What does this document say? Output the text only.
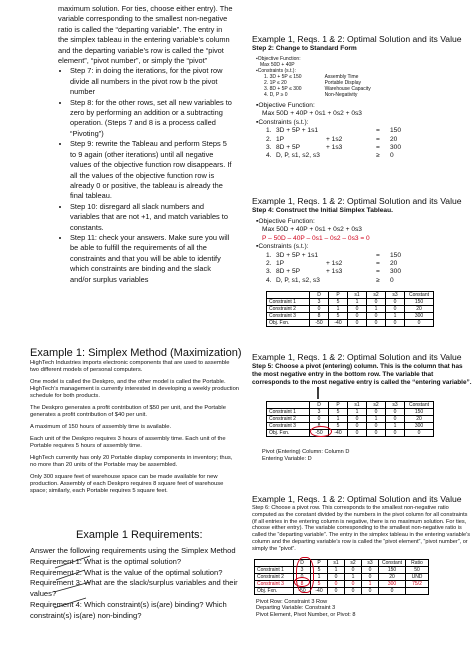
maximum solution. For ties, choose either entry). The variable corresponding to the smallest non-negative ratio is called the “departing variable”. The entry in the simplex tableau in the entering variable’s column and the departing variable’s row is called the “pivot element”, “pivot number”, or simply the “pivot”

• Step 7: in doing the iterations, for the pivot row divide all numbers in the pivot row b the pivot number
• Step 8: for the other rows, set all new variables to zero by performing an addition or a subtracting operation. (Steps 7 and 8 is a process called “Pivoting”)
• Step 9: rewrite the Tableau and perform Steps 5 to 9 again (other iterations) until all negative values of the objective function row disappears. If all the values of the objective function row is already 0 or positive, the tableau is already the final tableau.
• Step 10: disregard all slack numbers and variables that are not +1, and match variables to constants.
• Step 11: check your answers. Make sure you will be able to fulfill the requirements of all the constraints and that you will be able to identify which constraints are binding and the slack and/or surplus variables
Example 1: Simplex Method (Maximization)

HighTech Industries imports electronic components that are used to assemble two different models of personal computers.

One model is called the Deskpro, and the other model is called the Portable. HighTech’s management is currently interested in developing a weekly production schedule for both products.

The Deskpro generates a profit contribution of $50 per unit, and the Portable generates a profit contribution of $40 per unit.

A maximum of 150 hours of assembly time is available.

Each unit of the Deskpro requires 3 hours of assembly time. Each unit of the Portable requires 5 hours of assembly time.

HighTech currently has only 20 Portable display components in inventory; thus, no more than 20 units of the Portable may be assembled.

Only 300 square feet of warehouse space can be made available for new production. Assembly of each Deskpro requires 8 square feet of warehouse space; similarly, each Portable requires 5 square feet.

Example 1 Requirements:

Answer the following requirements using the Simplex Method

Requirement 1: What is the optimal solution?

Requirement 2: What is the value of the optimal solution?

Requirement 3: What are the slack/surplus variables and their values?

Requirement 4: Which constraint(s) is(are) binding? Which constraint(s) is(are) non-binding?

Example 1, Reqs. 1 & 2: Optimal Solution and its Value
Step 2: Change to Standard Form
▪Objective Function:
Max 50D + 40P
▪Constraints (s.t.):
1. 3D + 5P ≤ 150	Assembly Time
2. 1P ≤ 20	Portable Display
3. 8D + 5P ≤ 300	Warehouse Capacity
4. D, P ≥ 0	Non-Negativity
▪Objective Function:
Max 50D + 40P + 0s1 + 0s2 + 0s3
▪Constraints (s.t.):
1. 3D + 5P + 1s1	= 150
2. 1P	+ 1s2	= 20
3. 8D + 5P	+ 1s3	= 300
4. D, P, s1, s2, s3	≥ 0
Example 1, Reqs. 1 & 2: Optimal Solution and its Value
Step 4: Construct the Initial Simplex Tableau.
▪Objective Function:
Max 50D + 40P + 0s1 + 0s2 + 0s3
P – 50D – 40P – 0s1 – 0s2 – 0s3 = 0
▪Constraints (s.t.):
1. 3D + 5P + 1s1	= 150
2. 1P	+ 1s2	= 20
3. 8D + 5P	+ 1s3	= 300
4. D, P, s1, s2, s3	≥ 0
	D	P	s1	s2	s3	Constant
Constraint 1	3	5	1	0	0	150
Constraint 2	0	1	0	1	0	20
Constraint 3	8	5	0	0	1	300
Obj. Fxn.	-50	-40	0	0	0	0
Example 1, Reqs. 1 & 2: Optimal Solution and its Value
Step 5: Choose a pivot (entering) column. This is the column that has the most negative entry in the bottom row. The variable that corresponds to the most negative entry is called the “entering variable”.
	D	P	s1	s2	s3	Constant
Constraint 1	3	5	1	0	0	150
Constraint 2	0	1	0	1	0	20
Constraint 3	8	5	0	0	1	300
Obj. Fxn.	-50	-40	0	0	0	0
Pivot (Entering) Column: Column D
Entering Variable: D
Example 1, Reqs. 1 & 2: Optimal Solution and its Value
Step 6: Choose a pivot row. This corresponds to the smallest non-negative ratio computed as the constant divided by the numbers in the pivot column for all constraints (if all entries in the entering column is negative, there is no maximum solution. For ties, choose either entry). The variable corresponding to the smallest non-negative ratio is called the “departing variable”. The entry in the simplex tableau in the entering variable’s column and the departing variable’s row is called the “pivot element”, “pivot number”, or simply the “pivot”.
	D	P	s1	s2	s3	Constant	Ratio
Constraint 1	3	5	1	0	0	150	50
Constraint 2	0	1	0	1	0	20	UND
Constraint 3	8	5	0	0	1	300	75/2
Obj. Fxn.	-50	-40	0	0	0	0	
Pivot Row: Constraint 3 Row
Departing Variable: Constraint 3
Pivot Element, Pivot Number, or Pivot: 8
